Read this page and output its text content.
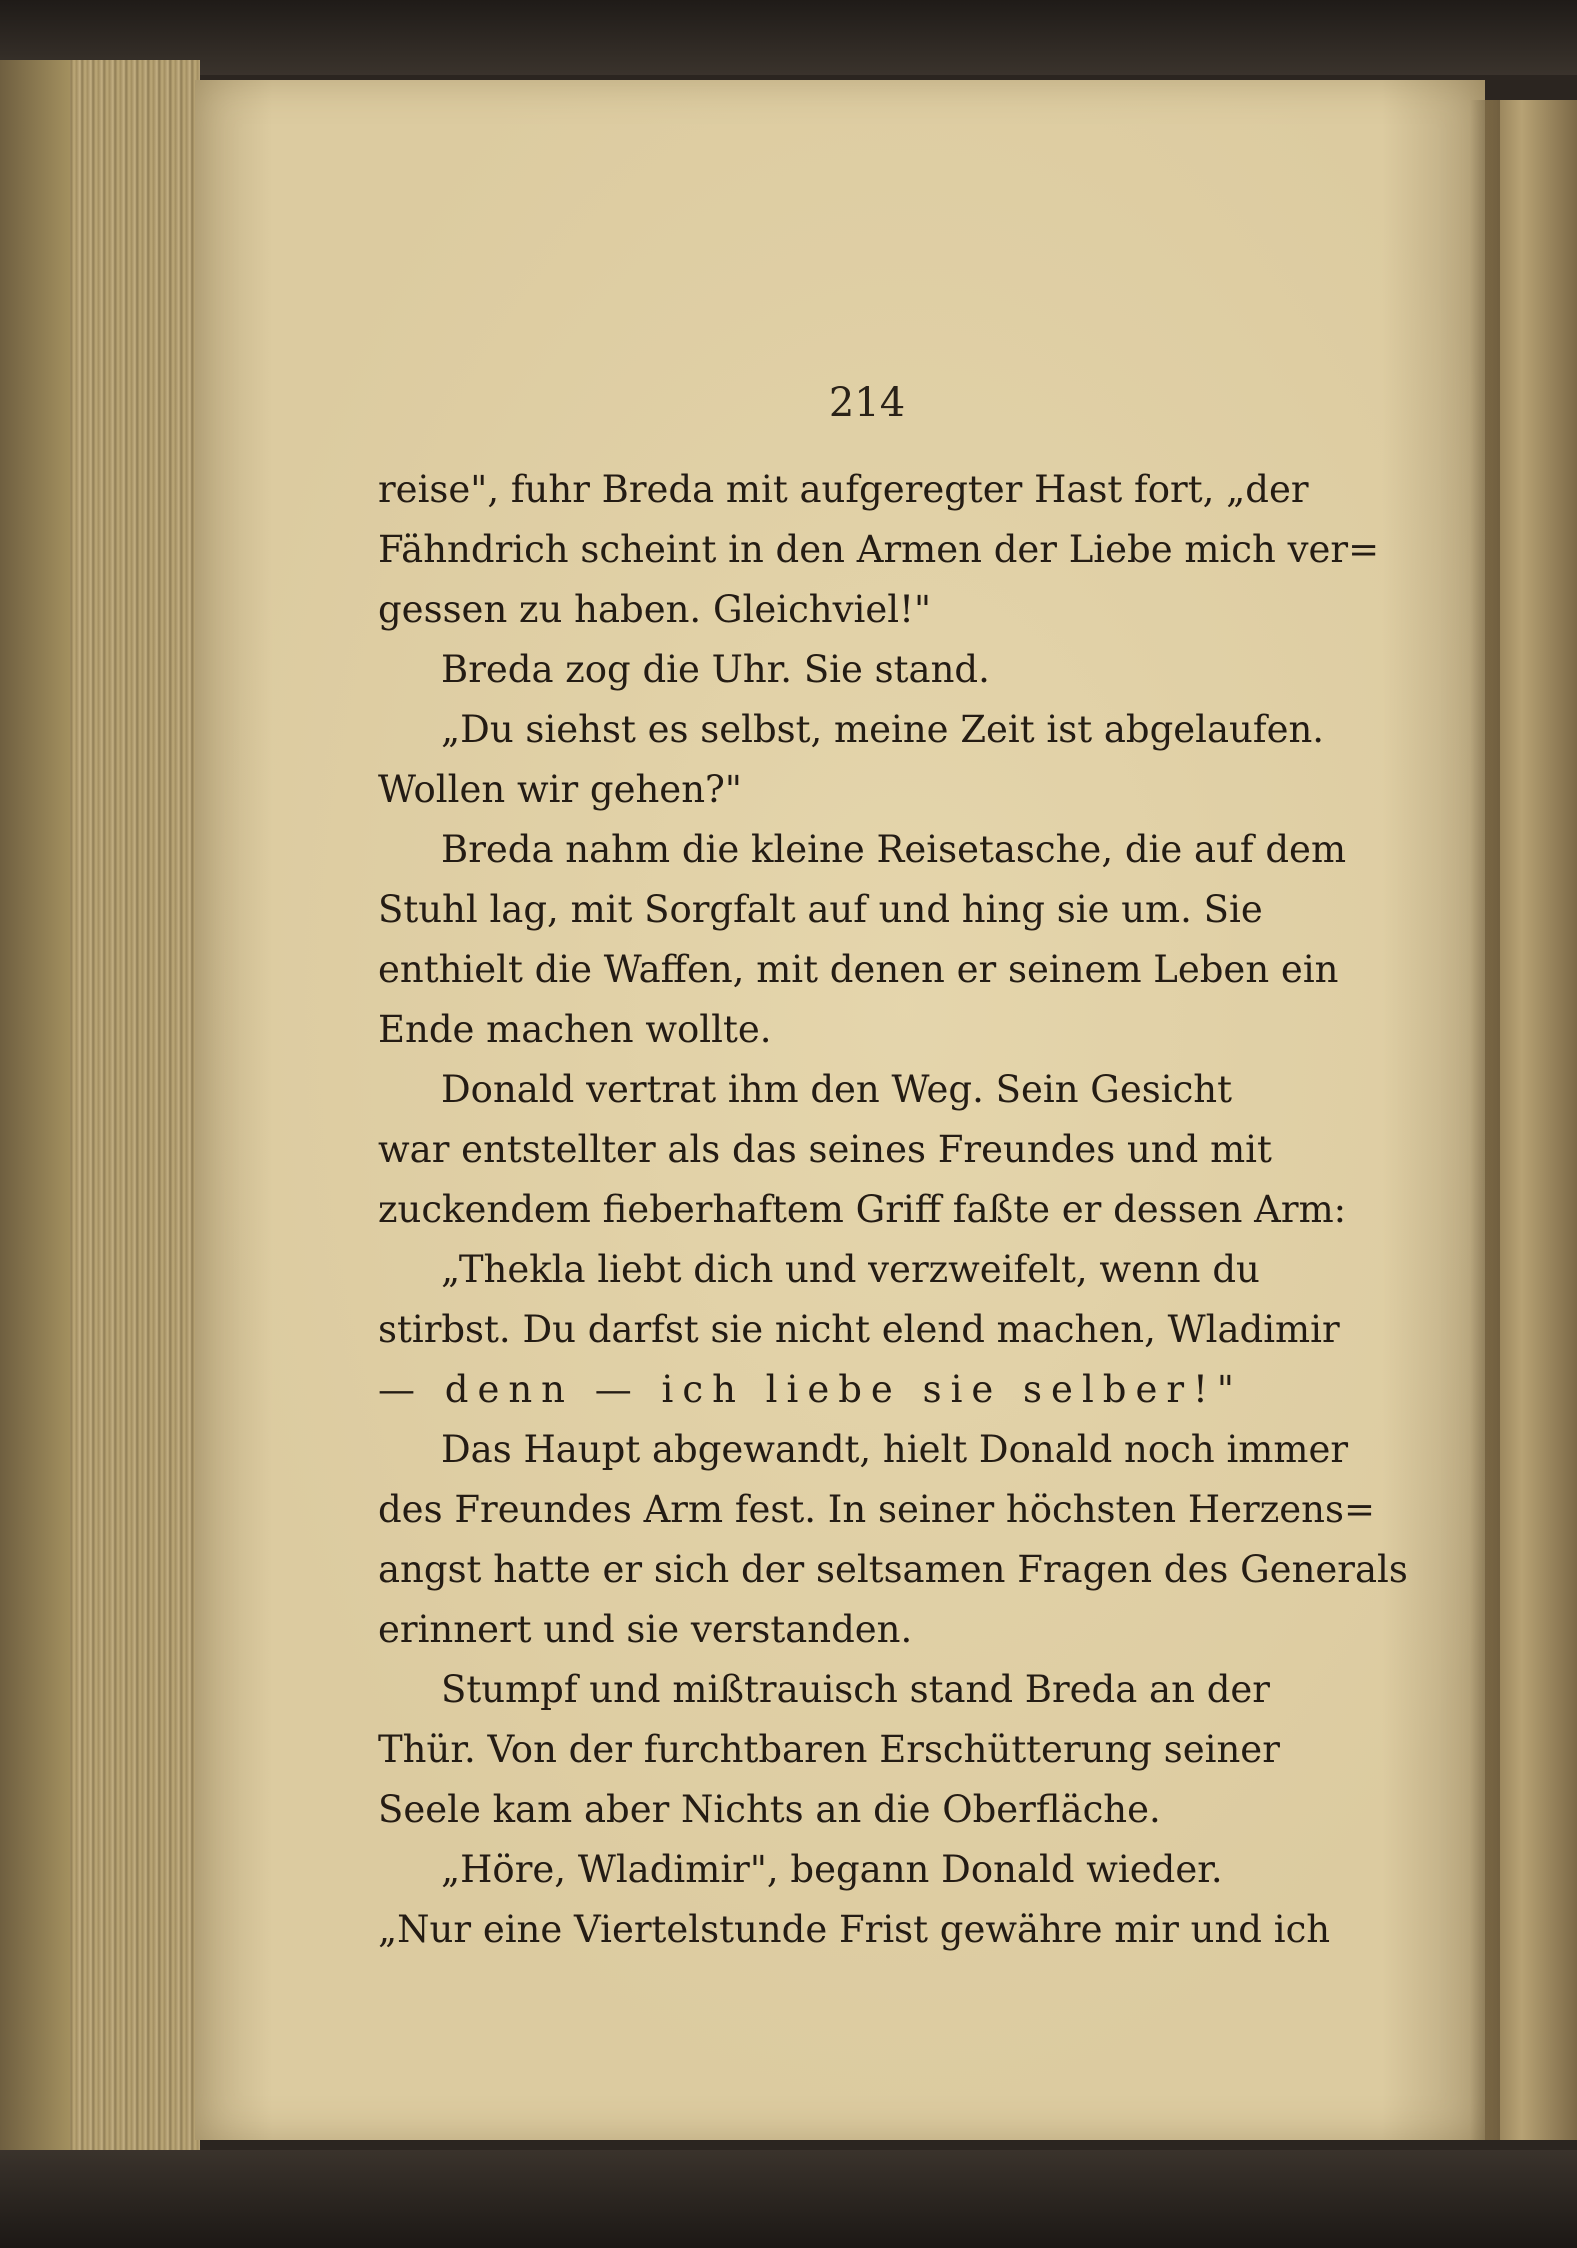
214
reise", fuhr Breda mit aufgeregter Hast fort, „der
Fähndrich scheint in den Armen der Liebe mich ver=
gessen zu haben. Gleichviel!"
Breda zog die Uhr. Sie stand.
„Du siehst es selbst, meine Zeit ist abgelaufen.
Wollen wir gehen?"
Breda nahm die kleine Reisetasche, die auf dem
Stuhl lag, mit Sorgfalt auf und hing sie um. Sie
enthielt die Waffen, mit denen er seinem Leben ein
Ende machen wollte.
Donald vertrat ihm den Weg. Sein Gesicht
war entstellter als das seines Freundes und mit
zuckendem fieberhaftem Griff faßte er dessen Arm:
„Thekla liebt dich und verzweifelt, wenn du
stirbst. Du darfst sie nicht elend machen, Wladimir
— denn — ich liebe sie selber!"
Das Haupt abgewandt, hielt Donald noch immer
des Freundes Arm fest. In seiner höchsten Herzens=
angst hatte er sich der seltsamen Fragen des Generals
erinnert und sie verstanden.
Stumpf und mißtrauisch stand Breda an der
Thür. Von der furchtbaren Erschütterung seiner
Seele kam aber Nichts an die Oberfläche.
„Höre, Wladimir", begann Donald wieder.
„Nur eine Viertelstunde Frist gewähre mir und ich
